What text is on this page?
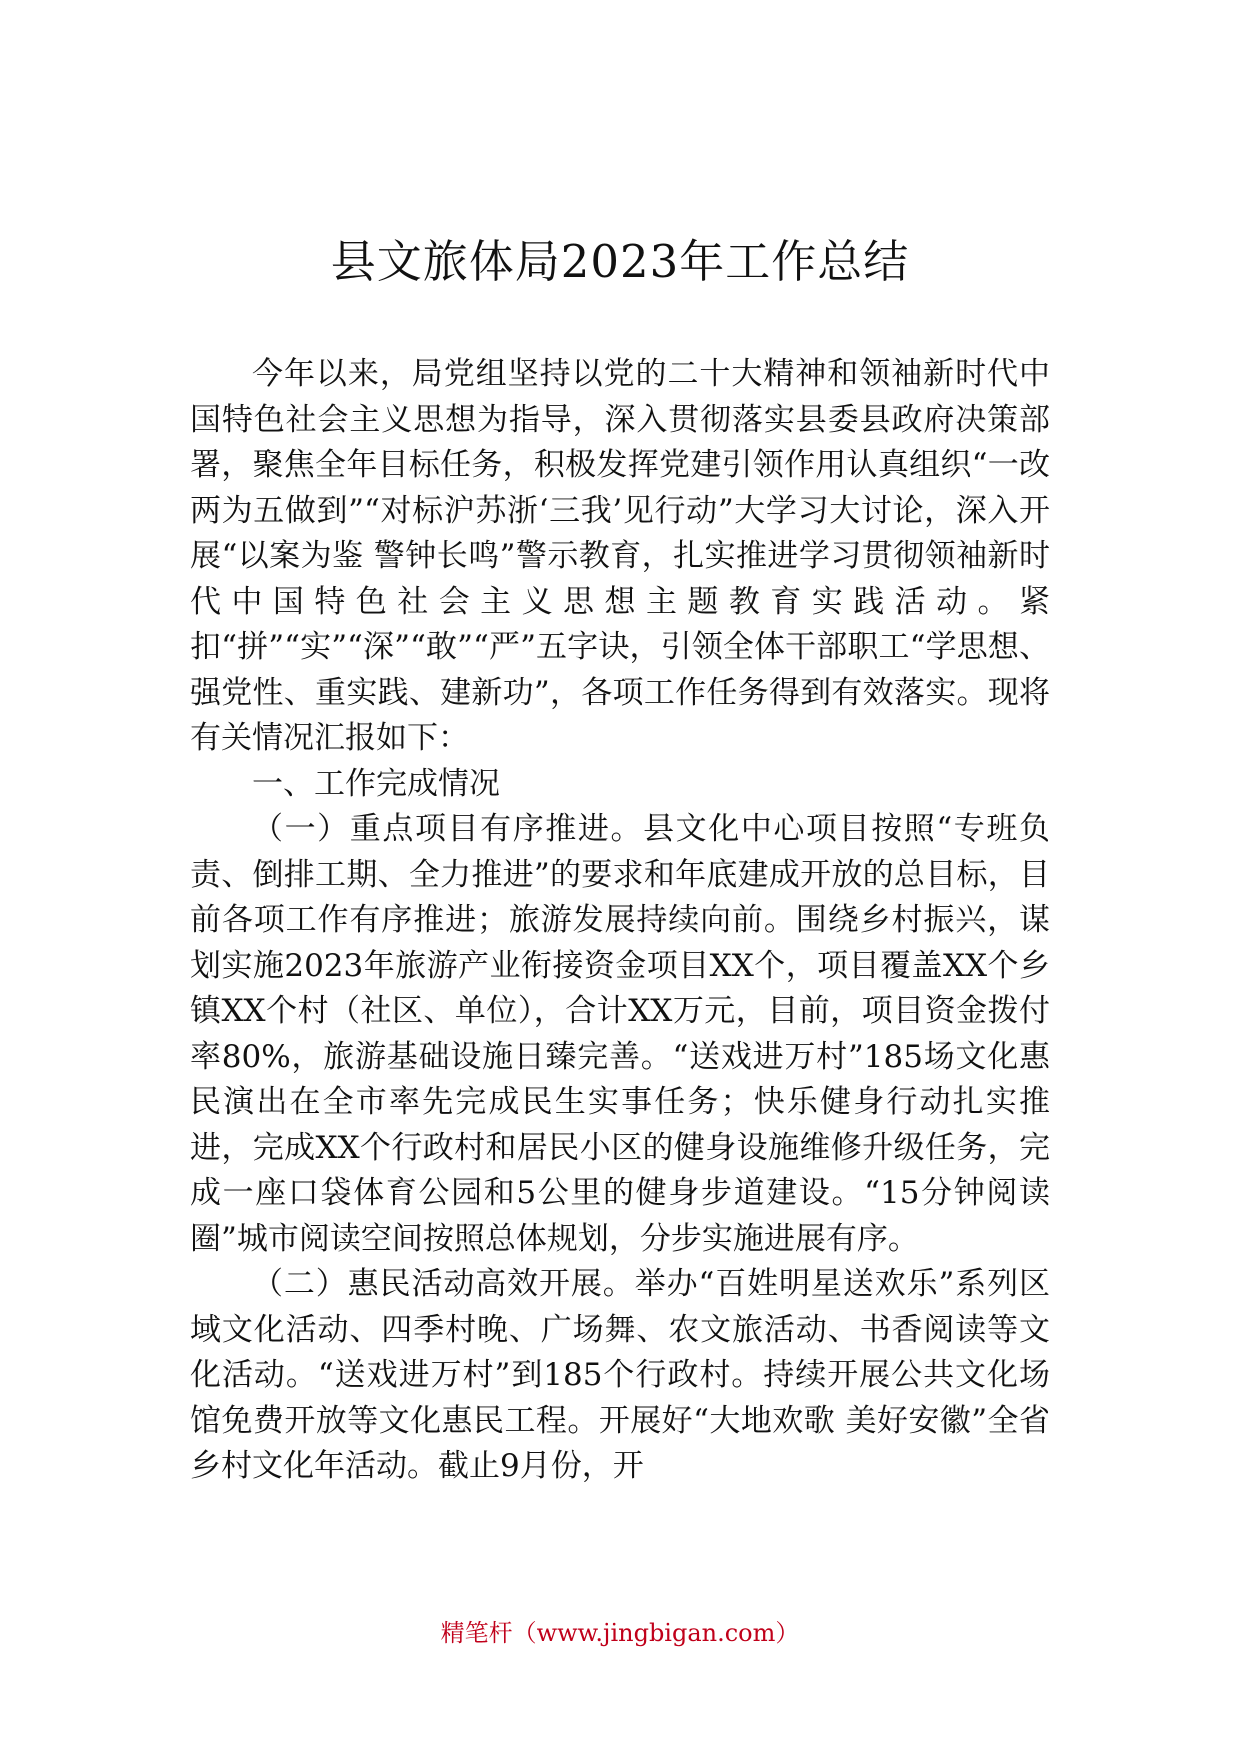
县文旅体局2023年工作总结

今年以来，局党组坚持以党的二十大精神和领袖新时代中国特色社会主义思想为指导，深入贯彻落实县委县政府决策部署，聚焦全年目标任务，积极发挥党建引领作用认真组织“一改两为五做到”“对标沪苏浙‘三我’见行动”大学习大讨论，深入开展“以案为鉴 警钟长鸣”警示教育，扎实推进学习贯彻领袖新时代中国特色社会主义思想主题教育实践活动。紧扣“拼”“实”“深”“敢”“严”五字诀，引领全体干部职工“学思想、强党性、重实践、建新功”，各项工作任务得到有效落实。现将有关情况汇报如下：

一、工作完成情况

（一）重点项目有序推进。县文化中心项目按照“专班负责、倒排工期、全力推进”的要求和年底建成开放的总目标，目前各项工作有序推进；旅游发展持续向前。围绕乡村振兴，谋划实施2023年旅游产业衔接资金项目XX个，项目覆盖XX个乡镇XX个村（社区、单位），合计XX万元，目前，项目资金拨付率80%，旅游基础设施日臻完善。“送戏进万村”185场文化惠民演出在全市率先完成民生实事任务；快乐健身行动扎实推进，完成XX个行政村和居民小区的健身设施维修升级任务，完成一座口袋体育公园和5公里的健身步道建设。“15分钟阅读圈”城市阅读空间按照总体规划，分步实施进展有序。

（二）惠民活动高效开展。举办“百姓明星送欢乐”系列区域文化活动、四季村晚、广场舞、农文旅活动、书香阅读等文化活动。“送戏进万村”到185个行政村。持续开展公共文化场馆免费开放等文化惠民工程。开展好“大地欢歌 美好安徽”全省乡村文化年活动。截止9月份，开

精笔杆（www.jingbigan.com）
